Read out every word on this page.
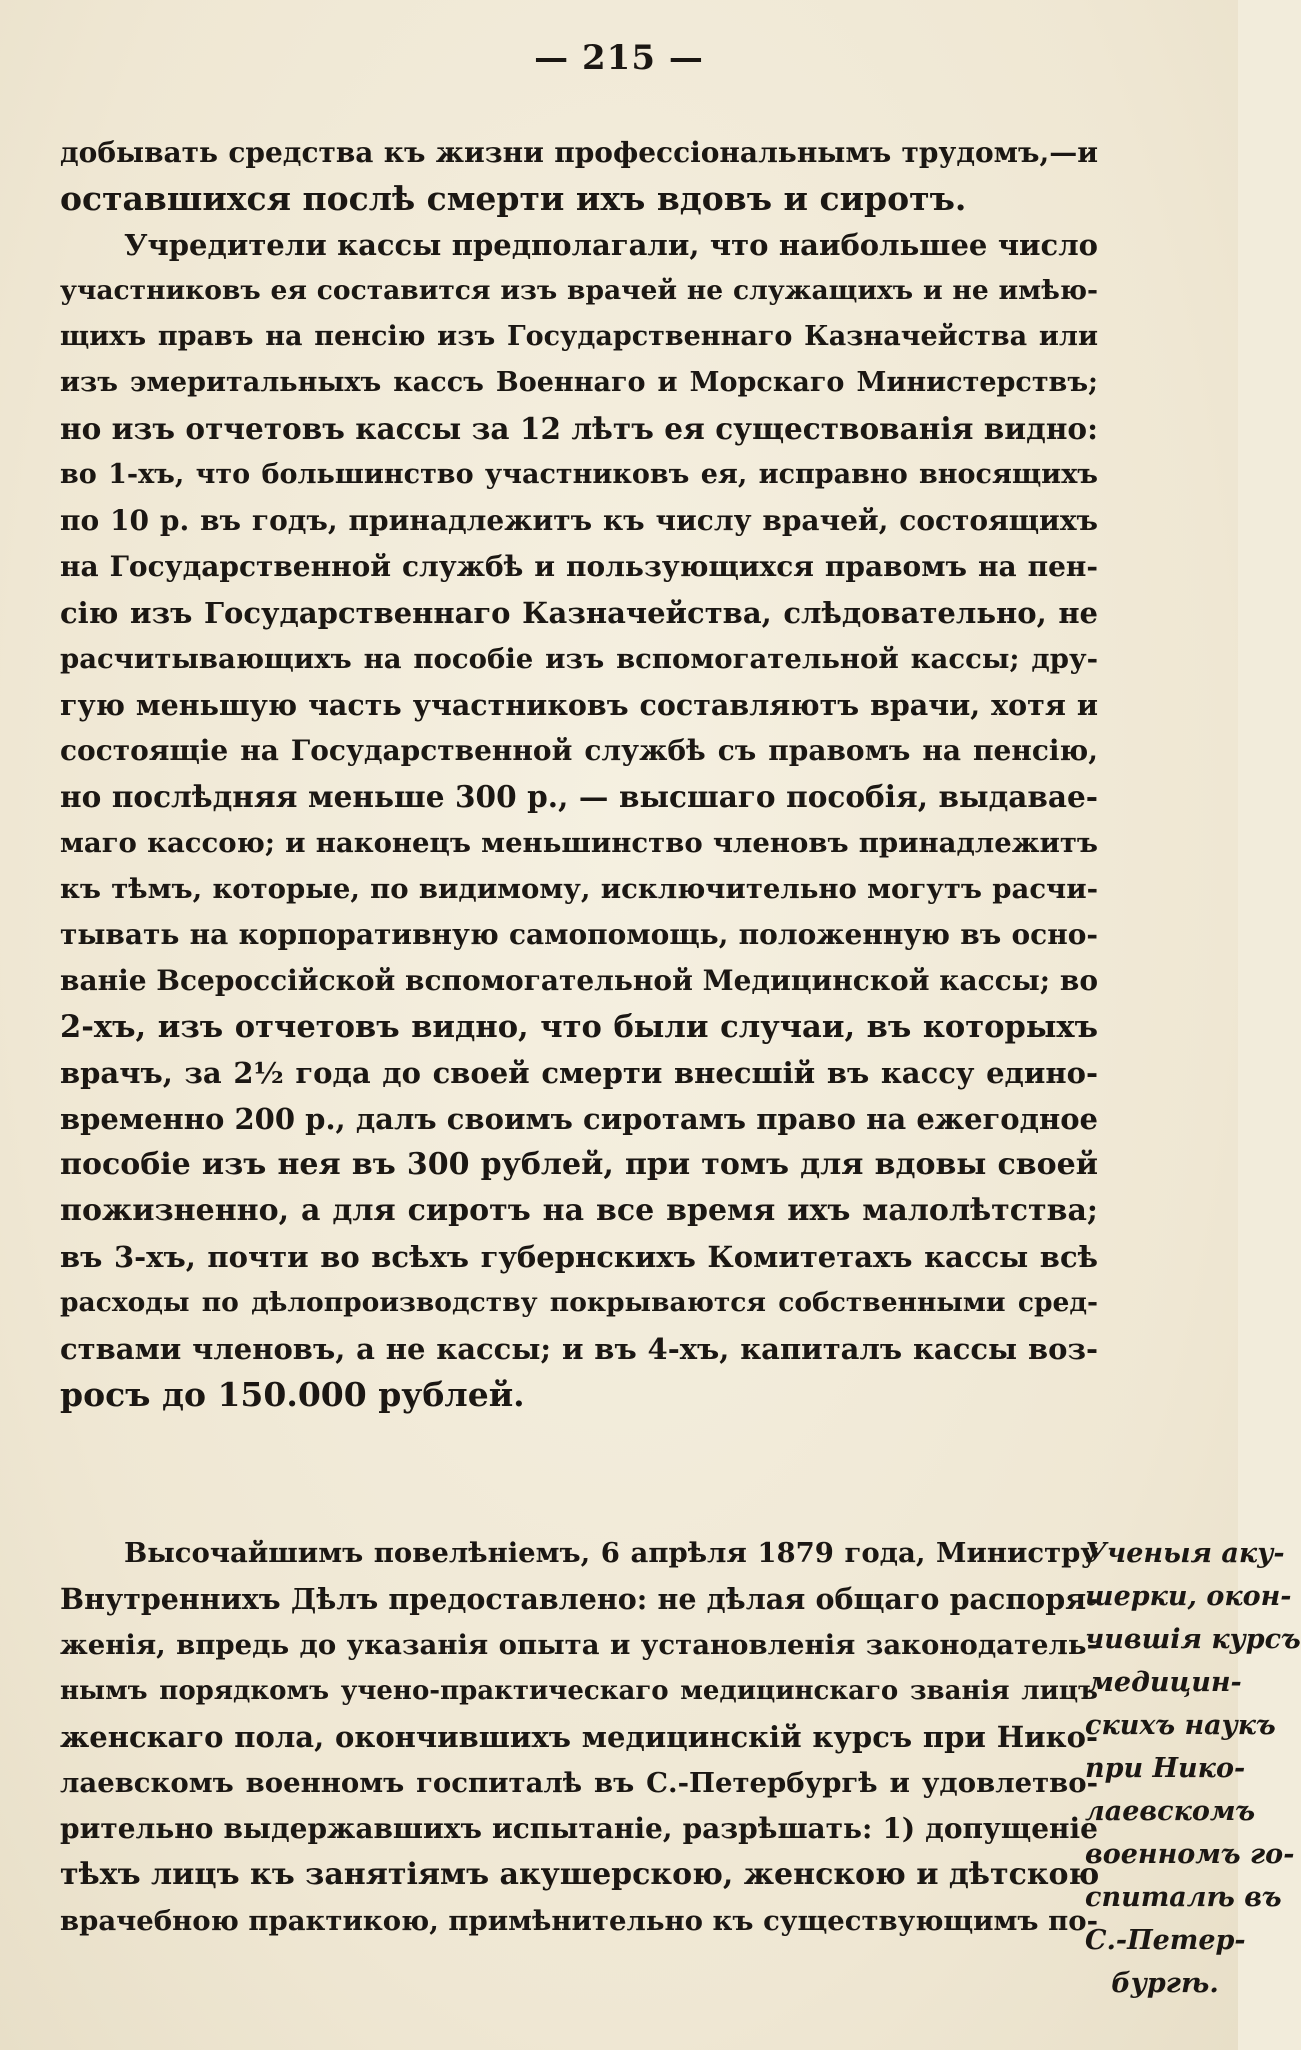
— 215 —
добывать средства къ жизни профессіональнымъ трудомъ,—и
оставшихся послѣ смерти ихъ вдовъ и сиротъ.
Учредители кассы предполагали, что наибольшее число
участниковъ ея составится изъ врачей не служащихъ и не имѣю-
щихъ правъ на пенсію изъ Государственнаго Казначейства или
изъ эмеритальныхъ кассъ Военнаго и Морскаго Министерствъ;
но изъ отчетовъ кассы за 12 лѣтъ ея существованія видно:
во 1-хъ, что большинство участниковъ ея, исправно вносящихъ
по 10 р. въ годъ, принадлежитъ къ числу врачей, состоящихъ
на Государственной службѣ и пользующихся правомъ на пен-
сію изъ Государственнаго Казначейства, слѣдовательно, не
расчитывающихъ на пособіе изъ вспомогательной кассы; дру-
гую меньшую часть участниковъ составляютъ врачи, хотя и
состоящіе на Государственной службѣ съ правомъ на пенсію,
но послѣдняя меньше 300 р., — высшаго пособія, выдавае-
маго кассою; и наконецъ меньшинство членовъ принадлежитъ
къ тѣмъ, которые, по видимому, исключительно могутъ расчи-
тывать на корпоративную самопомощь, положенную въ осно-
ваніе Всероссійской вспомогательной Медицинской кассы; во
2-хъ, изъ отчетовъ видно, что были случаи, въ которыхъ
врачъ, за 2½ года до своей смерти внесшій въ кассу едино-
временно 200 р., далъ своимъ сиротамъ право на ежегодное
пособіе изъ нея въ 300 рублей, при томъ для вдовы своей
пожизненно, а для сиротъ на все время ихъ малолѣтства;
въ 3-хъ, почти во всѣхъ губернскихъ Комитетахъ кассы всѣ
расходы по дѣлопроизводству покрываются собственными сред-
ствами членовъ, а не кассы; и въ 4-хъ, капиталъ кассы воз-
росъ до 150.000 рублей.
Высочайшимъ повелѣніемъ, 6 апрѣля 1879 года, Министру
Внутреннихъ Дѣлъ предоставлено: не дѣлая общаго распоря-
женія, впредь до указанія опыта и установленія законодатель-
нымъ порядкомъ учено-практическаго медицинскаго званія лицъ
женскаго пола, окончившихъ медицинскій курсъ при Нико-
лаевскомъ военномъ госпиталѣ въ С.-Петербургѣ и удовлетво-
рительно выдержавшихъ испытаніе, разрѣшать: 1) допущеніе
тѣхъ лицъ къ занятіямъ акушерскою, женскою и дѣтскою
врачебною практикою, примѣнительно къ существующимъ по-
Ученыя аку-
шерки, окон-
чившія курсъ
медицин-
скихъ наукъ
при Нико-
лаевскомъ
военномъ го-
спиталѣ въ
С.-Петер-
бургѣ.
